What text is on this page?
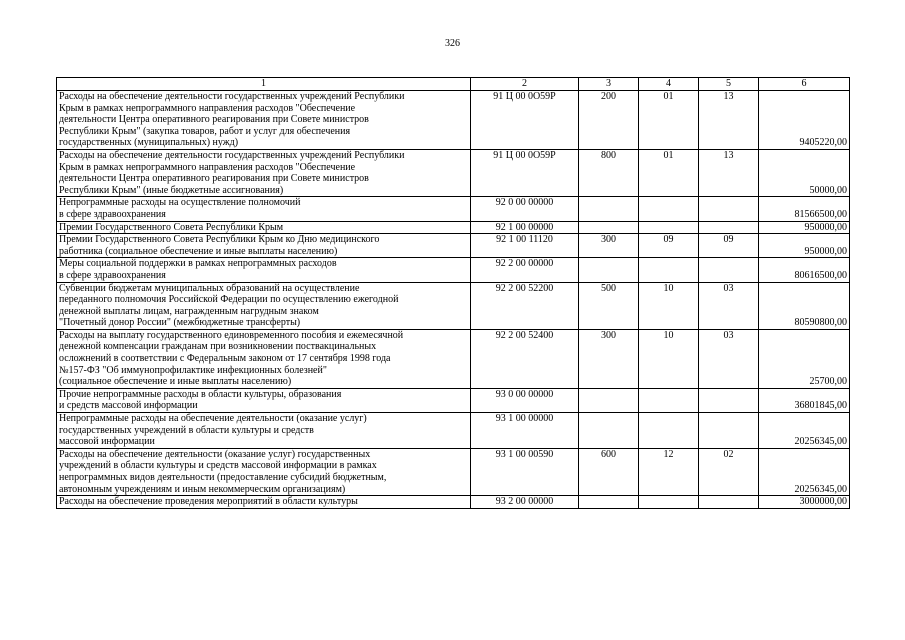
326
1	2	3	4	5	6
Расходы на обеспечение деятельности государственных учреждений Республики
Крым в рамках непрограммного направления расходов "Обеспечение
деятельности Центра оперативного реагирования при Совете министров
Республики Крым" (закупка товаров, работ и услуг для обеспечения
государственных (муниципальных) нужд)	91 Ц 00 0О59Р	200	01	13	9405220,00
Расходы на обеспечение деятельности государственных учреждений Республики
Крым в рамках непрограммного направления расходов "Обеспечение
деятельности Центра оперативного реагирования при Совете министров
Республики Крым" (иные бюджетные ассигнования)	91 Ц 00 0О59Р	800	01	13	50000,00
Непрограммные расходы на осуществление полномочий
в сфере здравоохранения	92 0 00 00000				81566500,00
Премии Государственного Совета Республики Крым	92 1 00 00000				950000,00
Премии Государственного Совета Республики Крым ко Дню медицинского
работника (социальное обеспечение и иные выплаты населению)	92 1 00 11120	300	09	09	950000,00
Меры социальной поддержки в рамках непрограммных расходов
в сфере здравоохранения	92 2 00 00000				80616500,00
Субвенции бюджетам муниципальных образований на осуществление
переданного полномочия Российской Федерации по осуществлению ежегодной
денежной выплаты лицам, награжденным нагрудным знаком
"Почетный донор России" (межбюджетные трансферты)	92 2 00 52200	500	10	03	80590800,00
Расходы на выплату государственного единовременного пособия и ежемесячной
денежной компенсации гражданам при возникновении поствакцинальных
осложнений в соответствии с Федеральным законом от 17 сентября 1998 года
№157-ФЗ "Об иммунопрофилактике инфекционных болезней"
(социальное обеспечение и иные выплаты населению)	92 2 00 52400	300	10	03	25700,00
Прочие непрограммные расходы в области культуры, образования
и средств массовой информации	93 0 00 00000				36801845,00
Непрограммные расходы на обеспечение деятельности (оказание услуг)
государственных учреждений в области культуры и средств
массовой информации	93 1 00 00000				20256345,00
Расходы на обеспечение деятельности (оказание услуг) государственных
учреждений в области культуры и средств массовой информации в рамках
непрограммных видов деятельности (предоставление субсидий бюджетным,
автономным учреждениям и иным некоммерческим организациям)	93 1 00 00590	600	12	02	20256345,00
Расходы на обеспечение проведения мероприятий в области культуры	93 2 00 00000				3000000,00
